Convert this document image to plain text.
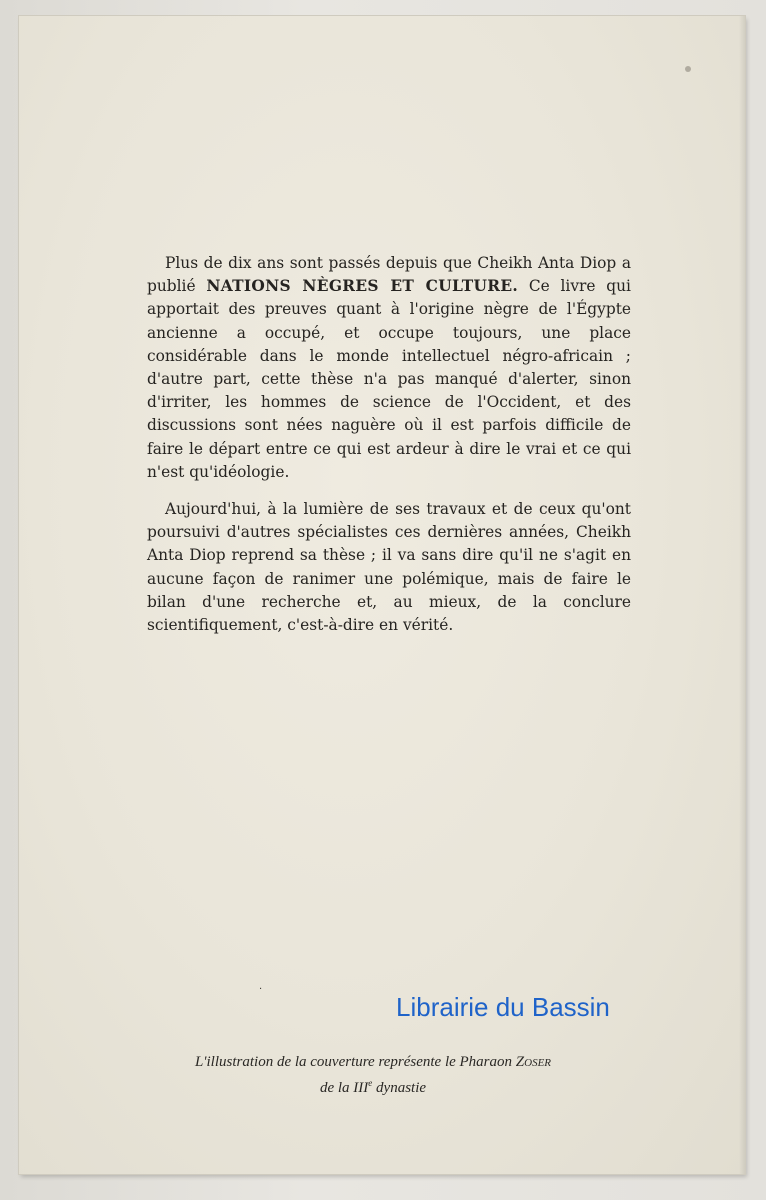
Plus de dix ans sont passés depuis que Cheikh Anta Diop a publié NATIONS NÈGRES ET CULTURE. Ce livre qui apportait des preuves quant à l'origine nègre de l'Égypte ancienne a occupé, et occupe toujours, une place considérable dans le monde intellectuel négro-africain ; d'autre part, cette thèse n'a pas manqué d'alerter, sinon d'irriter, les hommes de science de l'Occident, et des discussions sont nées naguère où il est parfois difficile de faire le départ entre ce qui est ardeur à dire le vrai et ce qui n'est qu'idéologie.

Aujourd'hui, à la lumière de ses travaux et de ceux qu'ont poursuivi d'autres spécialistes ces dernières années, Cheikh Anta Diop reprend sa thèse ; il va sans dire qu'il ne s'agit en aucune façon de ranimer une polémique, mais de faire le bilan d'une recherche et, au mieux, de la conclure scientifiquement, c'est-à-dire en vérité.

·
Librairie du Bassin
L'illustration de la couverture représente le Pharaon Zoser
de la IIIe dynastie
